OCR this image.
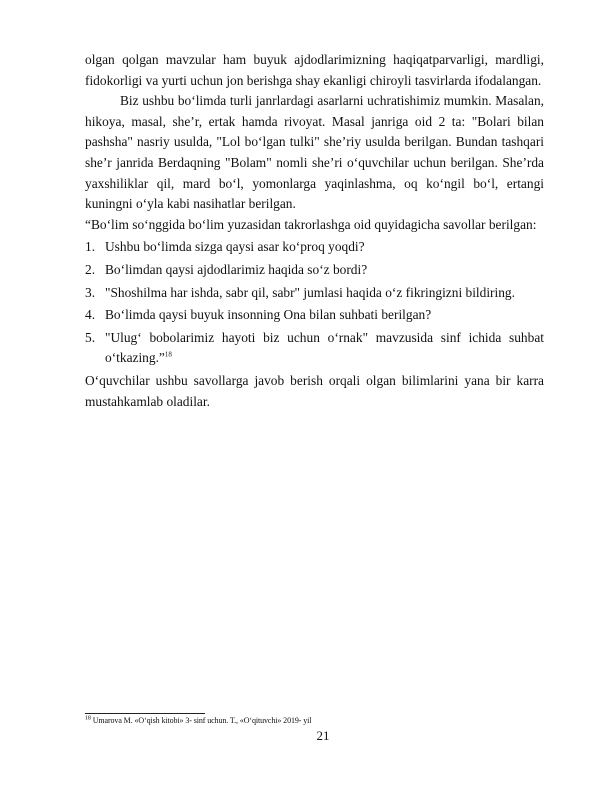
olgan qolgan mavzular ham buyuk ajdodlarimizning haqiqatparvarligi, mardligi, fidokorligi va yurti uchun jon berishga shay ekanligi chiroyli tasvirlarda ifodalangan.

Biz ushbu bo‘limda turli janrlardagi asarlarni uchratishimiz mumkin. Masalan, hikoya, masal, she’r, ertak hamda rivoyat. Masal janriga oid 2 ta: "Bolari bilan pashsha" nasriy usulda, "Lol bo‘lgan tulki" she’riy usulda berilgan. Bundan tashqari she’r janrida Berdaqning "Bolam" nomli she’ri o‘quvchilar uchun berilgan. She’rda yaxshiliklar qil, mard bo‘l, yomonlarga yaqinlashma, oq ko‘ngil bo‘l, ertangi kuningni o‘yla kabi nasihatlar berilgan.

“Bo‘lim so‘nggida bo‘lim yuzasidan takrorlashga oid quyidagicha savollar berilgan:

1. Ushbu bo‘limda sizga qaysi asar ko‘proq yoqdi?
2. Bo‘limdan qaysi ajdodlarimiz haqida so‘z bordi?
3. "Shoshilma har ishda, sabr qil, sabr" jumlasi haqida o‘z fikringizni bildiring.
4. Bo‘limda qaysi buyuk insonning Ona bilan suhbati berilgan?
5. "Ulug‘ bobolarimiz hayoti biz uchun o‘rnak" mavzusida sinf ichida suhbat o‘tkazing.”$^{18}$

O‘quvchilar ushbu savollarga javob berish orqali olgan bilimlarini yana bir karra mustahkamlab oladilar.

$^{18}$ Umarova M. «O‘qish kitobi» 3- sinf uchun. T., «O‘qituvchi» 2019- yil
21
